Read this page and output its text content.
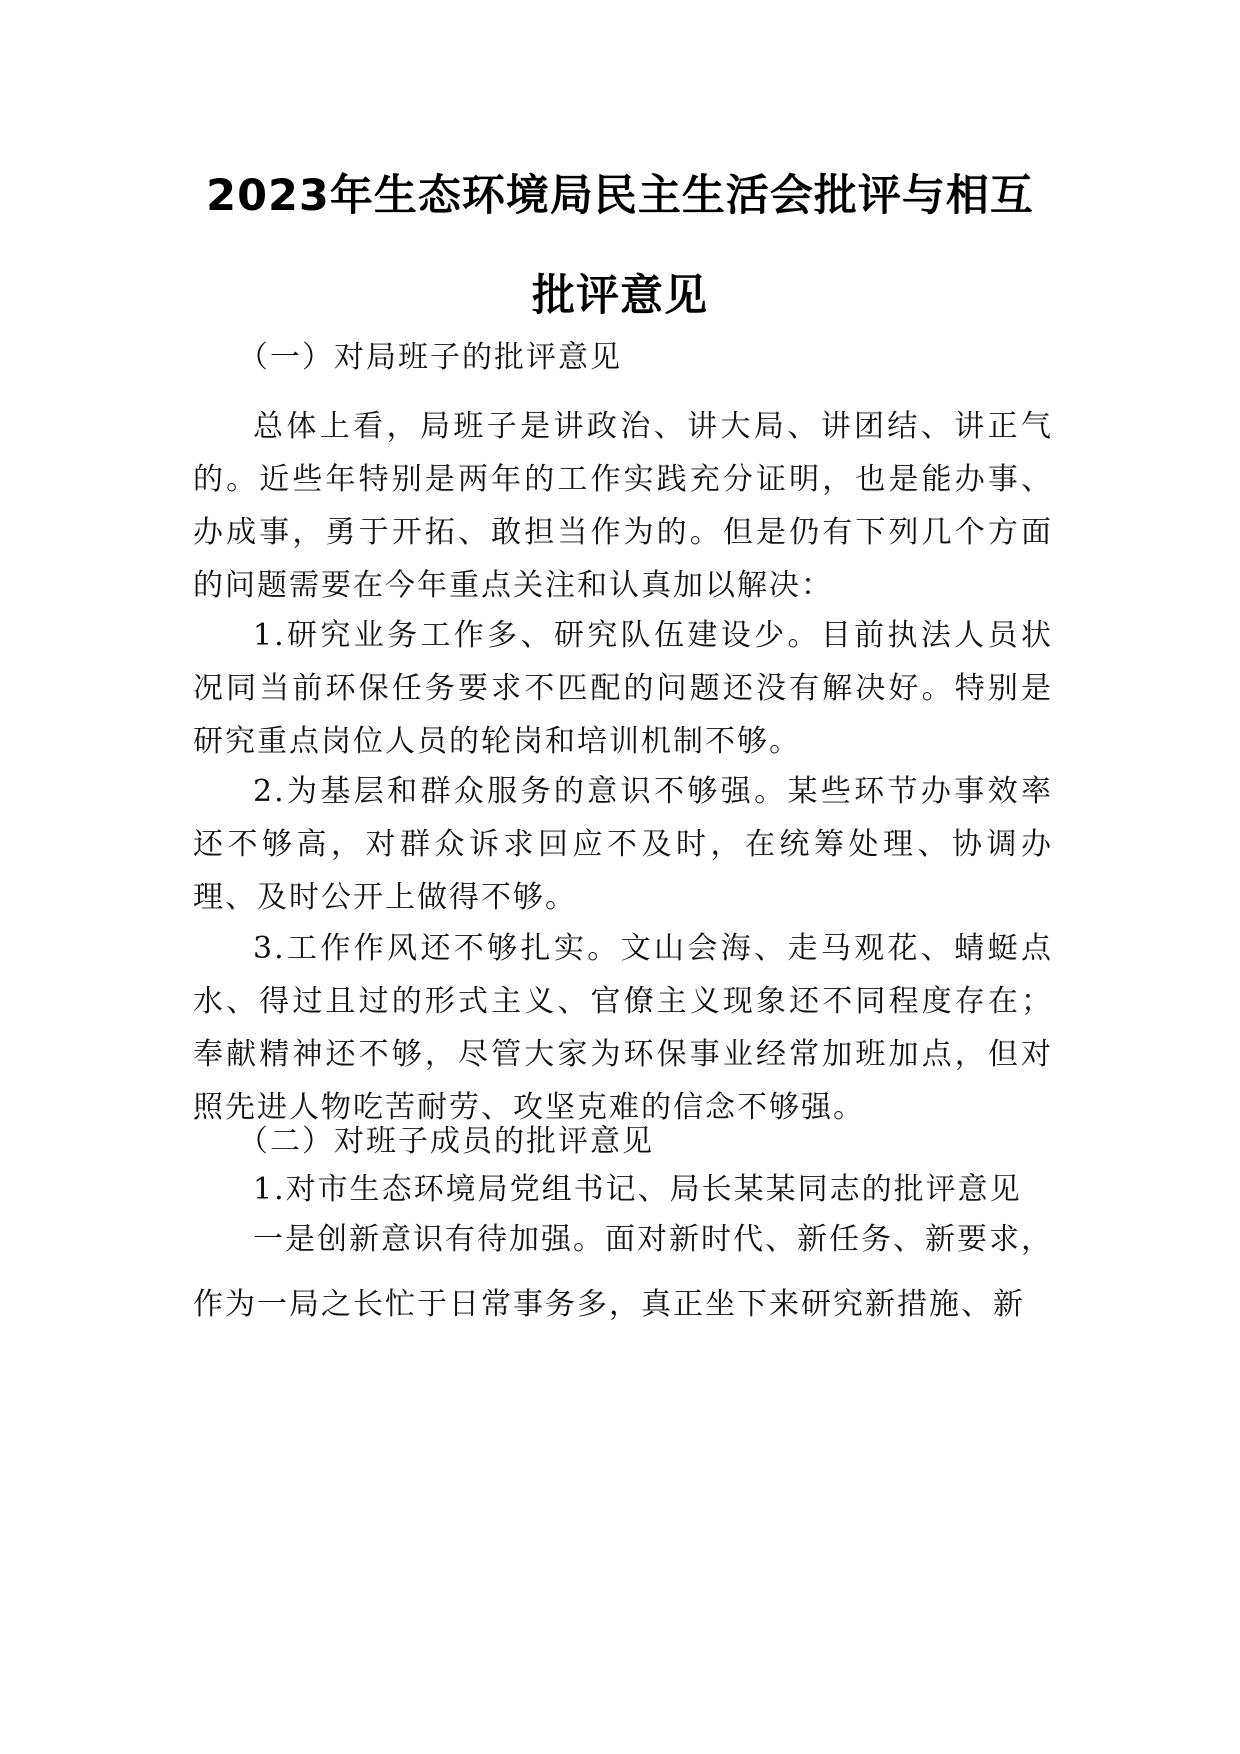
2023年生态环境局民主生活会批评与相互
批评意见
（一）对局班子的批评意见
总体上看，局班子是讲政治、讲大局、讲团结、讲正气的。近些年特别是两年的工作实践充分证明，也是能办事、办成事，勇于开拓、敢担当作为的。但是仍有下列几个方面的问题需要在今年重点关注和认真加以解决：
1.研究业务工作多、研究队伍建设少。目前执法人员状况同当前环保任务要求不匹配的问题还没有解决好。特别是研究重点岗位人员的轮岗和培训机制不够。
2.为基层和群众服务的意识不够强。某些环节办事效率还不够高，对群众诉求回应不及时，在统筹处理、协调办理、及时公开上做得不够。
3.工作作风还不够扎实。文山会海、走马观花、蜻蜓点水、得过且过的形式主义、官僚主义现象还不同程度存在；奉献精神还不够，尽管大家为环保事业经常加班加点，但对照先进人物吃苦耐劳、攻坚克难的信念不够强。
（二）对班子成员的批评意见
1.对市生态环境局党组书记、局长某某同志的批评意见
一是创新意识有待加强。面对新时代、新任务、新要求，
作为一局之长忙于日常事务多，真正坐下来研究新措施、新
